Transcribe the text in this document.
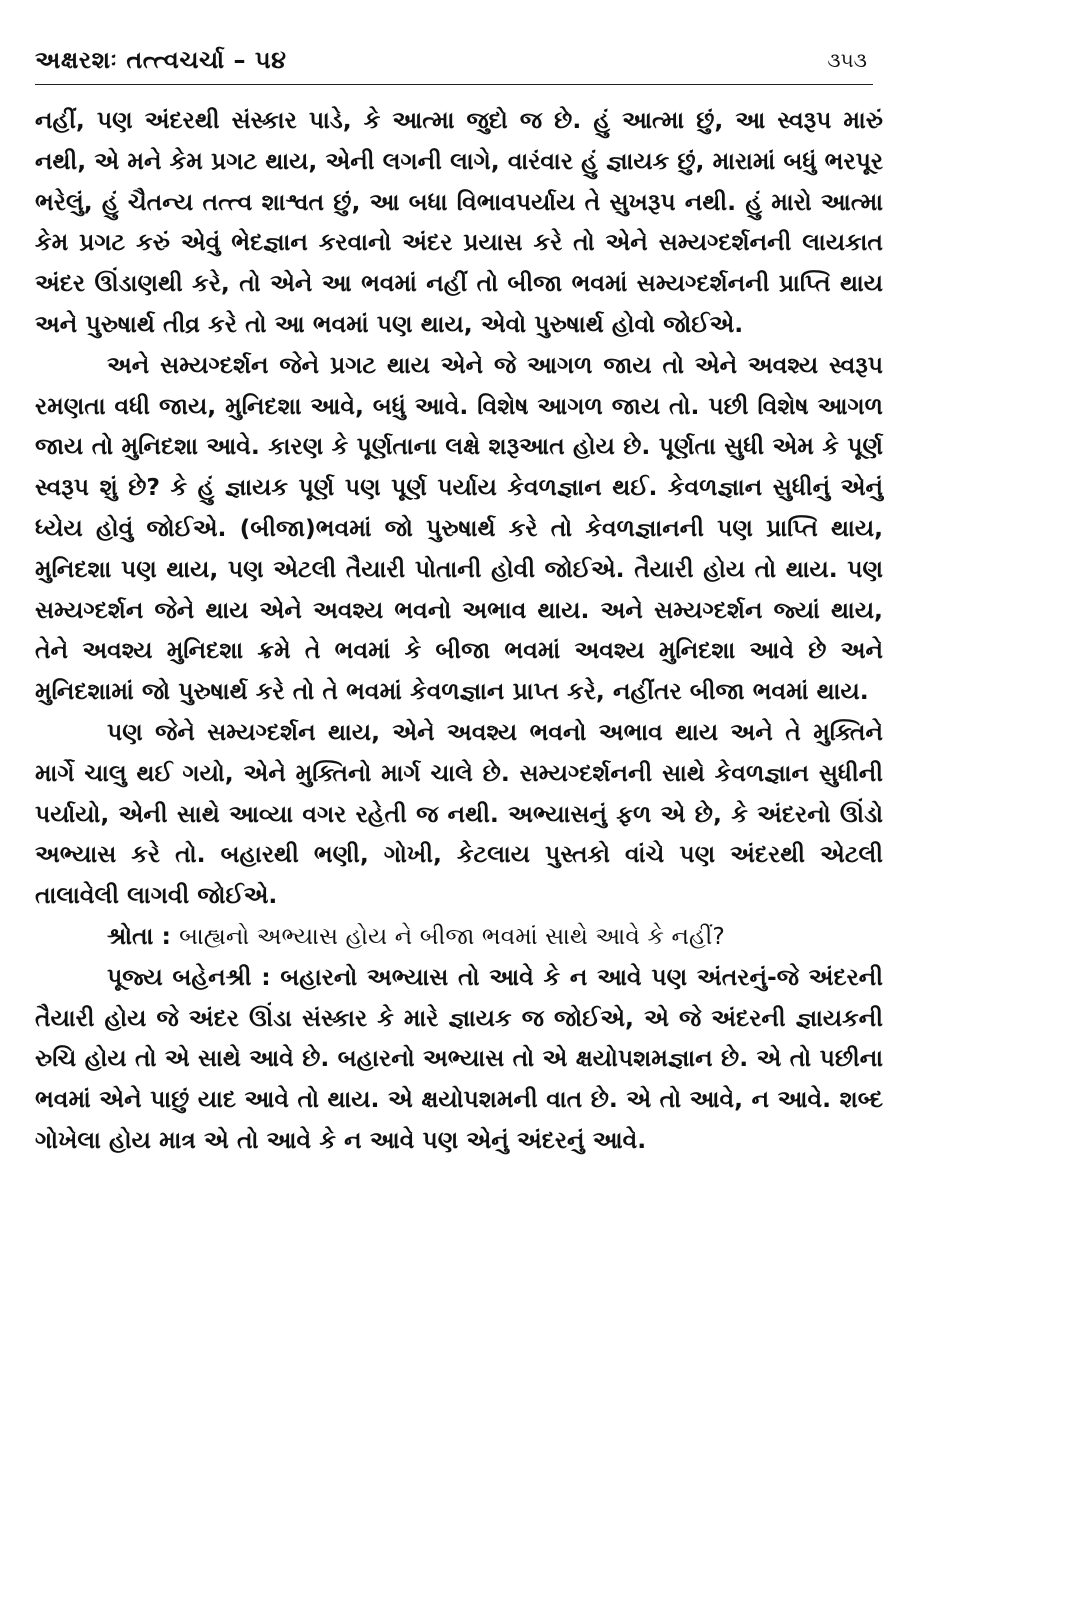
અક્ષરશઃ તત્ત્વચર્ચા – ૫૪	૩૫૩

નહીં, પણ અંદરથી સંસ્કાર પાડે, કે આત્મા જુદો જ છે. હું આત્મા છું, આ સ્વરૂપ મારું નથી, એ મને કેમ પ્રગટ થાય, એની લગની લાગે, વારંવાર હું જ્ઞાયક છું, મારામાં બધું ભરપૂર ભરેલું, હું ચૈતન્ય તત્ત્વ શાશ્વત છું, આ બધા વિભાવપર્યાય તે સુખરૂપ નથી. હું મારો આત્મા કેમ પ્રગટ કરું એવું ભેદજ્ઞાન કરવાનો અંદર પ્રયાસ કરે તો એને સમ્યગ્દર્શનની લાયકાત અંદર ઊંડાણથી કરે, તો એને આ ભવમાં નહીં તો બીજા ભવમાં સમ્યગ્દર્શનની પ્રાપ્તિ થાય અને પુરુષાર્થ તીવ્ર કરે તો આ ભવમાં પણ થાય, એવો પુરુષાર્થ હોવો જોઈએ.

અને સમ્યગ્દર્શન જેને પ્રગટ થાય એને જે આગળ જાય તો એને અવશ્ય સ્વરૂપ રમણતા વધી જાય, મુનિદશા આવે, બધું આવે. વિશેષ આગળ જાય તો. પછી વિશેષ આગળ જાય તો મુનિદશા આવે. કારણ કે પૂર્ણતાના લક્ષે શરૂઆત હોય છે. પૂર્ણતા સુધી એમ કે પૂર્ણ સ્વરૂપ શું છે? કે હું જ્ઞાયક પૂર્ણ પણ પૂર્ણ પર્યાય કેવળજ્ઞાન થઈ. કેવળજ્ઞાન સુધીનું એનું ધ્યેય હોવું જોઈએ. (બીજા)ભવમાં જો પુરુષાર્થ કરે તો કેવળજ્ઞાનની પણ પ્રાપ્તિ થાય, મુનિદશા પણ થાય, પણ એટલી તૈયારી પોતાની હોવી જોઈએ. તૈયારી હોય તો થાય. પણ સમ્યગ્દર્શન જેને થાય એને અવશ્ય ભવનો અભાવ થાય. અને સમ્યગ્દર્શન જ્યાં થાય, તેને અવશ્ય મુનિદશા ક્રમે તે ભવમાં કે બીજા ભવમાં અવશ્ય મુનિદશા આવે છે અને મુનિદશામાં જો પુરુષાર્થ કરે તો તે ભવમાં કેવળજ્ઞાન પ્રાપ્ત કરે, નહીંતર બીજા ભવમાં થાય.

પણ જેને સમ્યગ્દર્શન થાય, એને અવશ્ય ભવનો અભાવ થાય અને તે મુક્તિને માર્ગે ચાલુ થઈ ગયો, એને મુક્તિનો માર્ગ ચાલે છે. સમ્યગ્દર્શનની સાથે કેવળજ્ઞાન સુધીની પર્યાયો, એની સાથે આવ્યા વગર રહેતી જ નથી. અભ્યાસનું ફળ એ છે, કે અંદરનો ઊંડો અભ્યાસ કરે તો. બહારથી ભણી, ગોખી, કેટલાય પુસ્તકો વાંચે પણ અંદરથી એટલી તાલાવેલી લાગવી જોઈએ.

શ્રોતા : બાહ્યનો અભ્યાસ હોય ને બીજા ભવમાં સાથે આવે કે નહીં?

પૂજ્ય બહેનશ્રી : બહારનો અભ્યાસ તો આવે કે ન આવે પણ અંતરનું-જે અંદરની તૈયારી હોય જે અંદર ઊંડા સંસ્કાર કે મારે જ્ઞાયક જ જોઈએ, એ જે અંદરની જ્ઞાયકની રુચિ હોય તો એ સાથે આવે છે. બહારનો અભ્યાસ તો એ ક્ષયોપશમજ્ઞાન છે. એ તો પછીના ભવમાં એને પાછું યાદ આવે તો થાય. એ ક્ષયોપશમની વાત છે. એ તો આવે, ન આવે. શબ્દ ગોખેલા હોય માત્ર એ તો આવે કે ન આવે પણ એનું અંદરનું આવે.
